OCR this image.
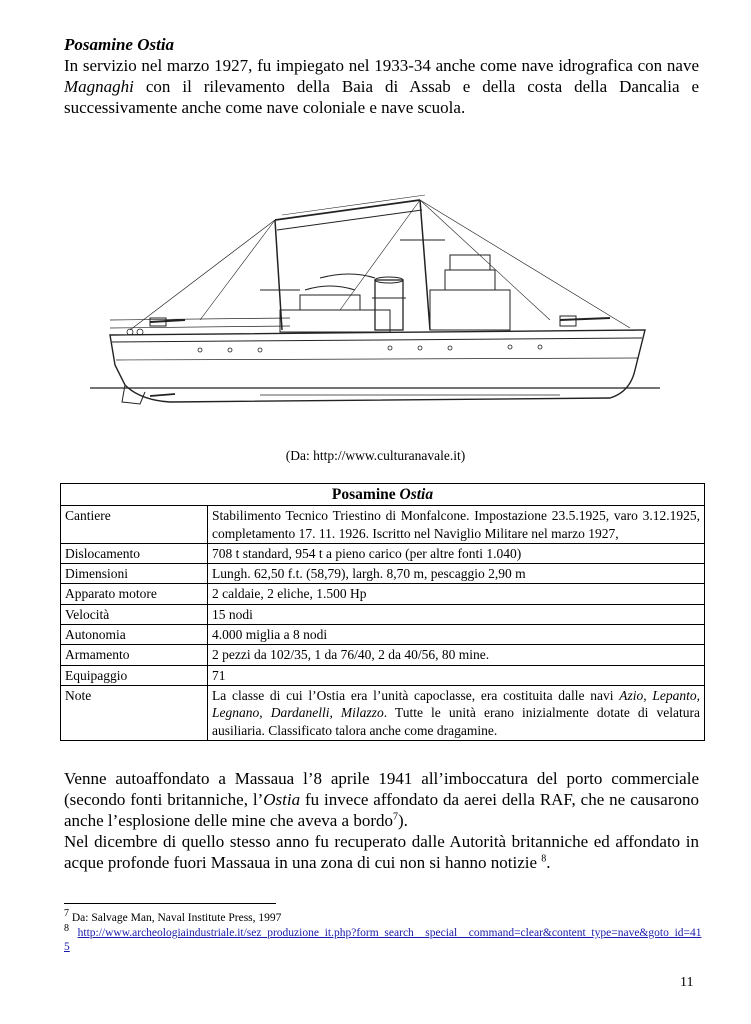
Posamine Ostia
In servizio nel marzo 1927, fu impiegato nel 1933-34 anche come nave idrografica con nave Magnaghi con il rilevamento della Baia di Assab e della costa della Dancalia e successivamente anche come nave coloniale e nave scuola.
(Da: http://www.culturanavale.it)
Posamine Ostia	
Cantiere	Stabilimento Tecnico Triestino di Monfalcone. Impostazione 23.5.1925, varo 3.12.1925, completamento 17. 11. 1926. Iscritto nel Naviglio Militare nel marzo 1927,
Dislocamento	708 t standard, 954 t a pieno carico (per altre fonti 1.040)
Dimensioni	Lungh. 62,50 f.t. (58,79), largh. 8,70 m, pescaggio 2,90 m
Apparato motore	2 caldaie, 2 eliche, 1.500 Hp
Velocità	15 nodi
Autonomia	4.000 miglia a 8 nodi
Armamento	2 pezzi da 102/35, 1 da 76/40, 2 da 40/56, 80 mine.
Equipaggio	71
Note	La classe di cui l’Ostia era l’unità capoclasse, era costituita dalle navi Azio, Lepanto, Legnano, Dardanelli, Milazzo. Tutte le unità erano inizialmente dotate di velatura ausiliaria. Classificato talora anche come dragamine.

Venne autoaffondato a Massaua l’8 aprile 1941 all’imboccatura del porto commerciale (secondo fonti britanniche, l’Ostia fu invece affondato da aerei della RAF, che ne causarono anche l’esplosione delle mine che aveva a bordo$^7$).

Nel dicembre di quello stesso anno fu recuperato dalle Autorità britanniche ed affondato in acque profonde fuori Massaua in una zona di cui non si hanno notizie $^8$.

$^7$ Da: Salvage Man, Naval Institute Press, 1997
$^8$ http://www.archeologiaindustriale.it/sez_produzione_it.php?form_search__special__command=clear&content_type=nave&goto_id=415
11
